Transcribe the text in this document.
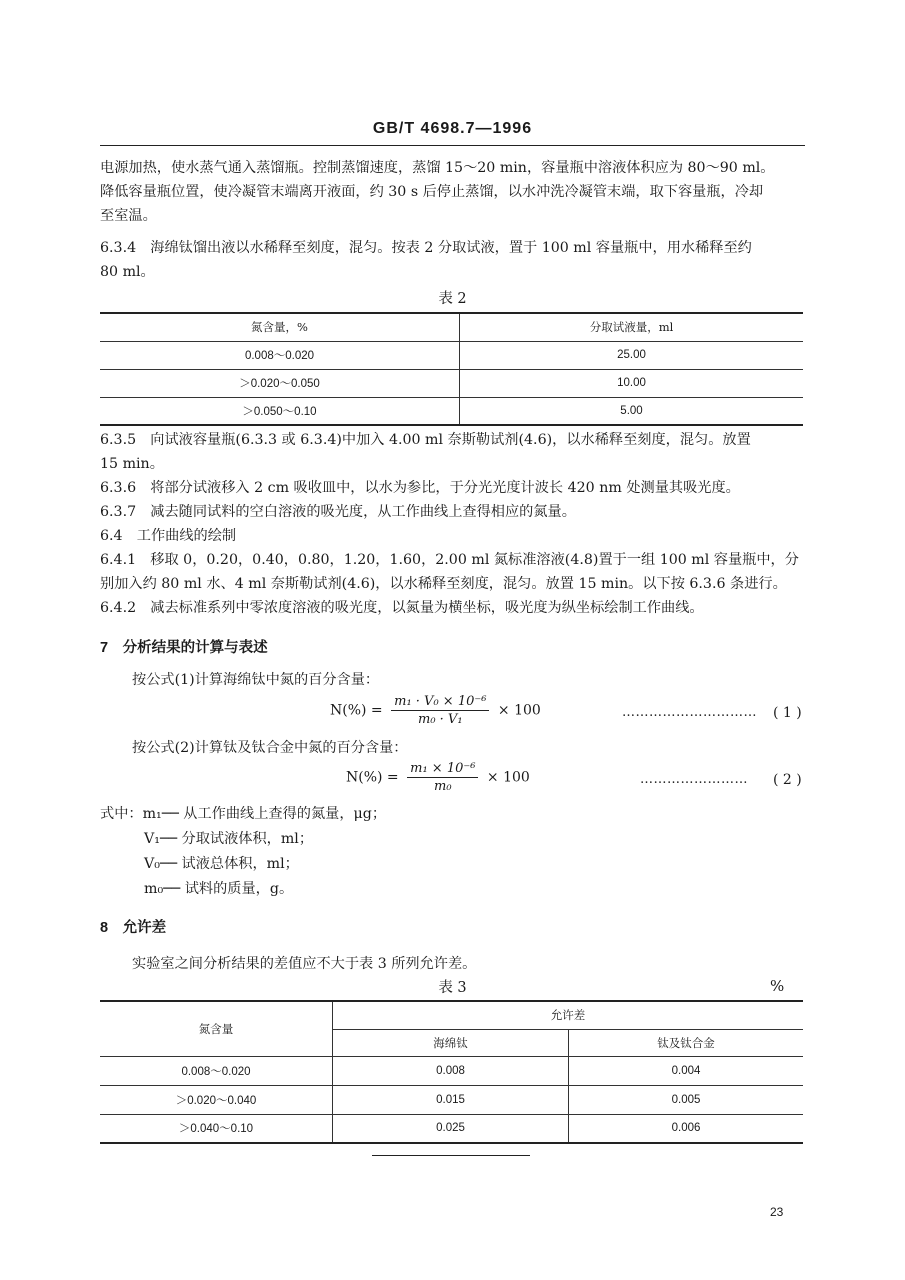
GB/T 4698.7—1996
电源加热，使水蒸气通入蒸馏瓶。控制蒸馏速度，蒸馏 15～20 min，容量瓶中溶液体积应为 80～90 ml。
降低容量瓶位置，使冷凝管末端离开液面，约 30 s 后停止蒸馏，以水冲洗冷凝管末端，取下容量瓶，冷却
至室温。
6.3.4　海绵钛馏出液以水稀释至刻度，混匀。按表 2 分取试液，置于 100 ml 容量瓶中，用水稀释至约
80 ml。
表 2
氮含量，%	分取试液量，ml
0.008～0.020	25.00
＞0.020～0.050	10.00
＞0.050～0.10	5.00
6.3.5　向试液容量瓶(6.3.3 或 6.3.4)中加入 4.00 ml 奈斯勒试剂(4.6)，以水稀释至刻度，混匀。放置
15 min。
6.3.6　将部分试液移入 2 cm 吸收皿中，以水为参比，于分光光度计波长 420 nm 处测量其吸光度。
6.3.7　减去随同试料的空白溶液的吸光度，从工作曲线上查得相应的氮量。
6.4　工作曲线的绘制
6.4.1　移取 0，0.20，0.40，0.80，1.20，1.60，2.00 ml 氮标准溶液(4.8)置于一组 100 ml 容量瓶中，分
别加入约 80 ml 水、4 ml 奈斯勒试剂(4.6)，以水稀释至刻度，混匀。放置 15 min。以下按 6.3.6 条进行。
6.4.2　减去标准系列中零浓度溶液的吸光度，以氮量为横坐标，吸光度为纵坐标绘制工作曲线。
7　分析结果的计算与表述
按公式(1)计算海绵钛中氮的百分含量：
$N(\%) = \frac{\text{m₁ · V₀ × 10⁻⁶}}{\text{m₀ · V₁}} \times 100$	………………………… ( 1 )
按公式(2)计算钛及钛合金中氮的百分含量：
$N(\%) = \frac{\text{m₁ × 10⁻⁶}}{\text{m₀}} \times 100$	…………………… ( 2 )
式中：m₁── 从工作曲线上查得的氮量，μg；
V₁── 分取试液体积，ml；
V₀── 试液总体积，ml；
m₀── 试料的质量，g。
8　允许差
实验室之间分析结果的差值应不大于表 3 所列允许差。
表 3	%
氮含量	允许差	
	海绵钛	钛及钛合金
0.008～0.020	0.008	0.004
＞0.020～0.040	0.015	0.005
＞0.040～0.10	0.025	0.006
23
